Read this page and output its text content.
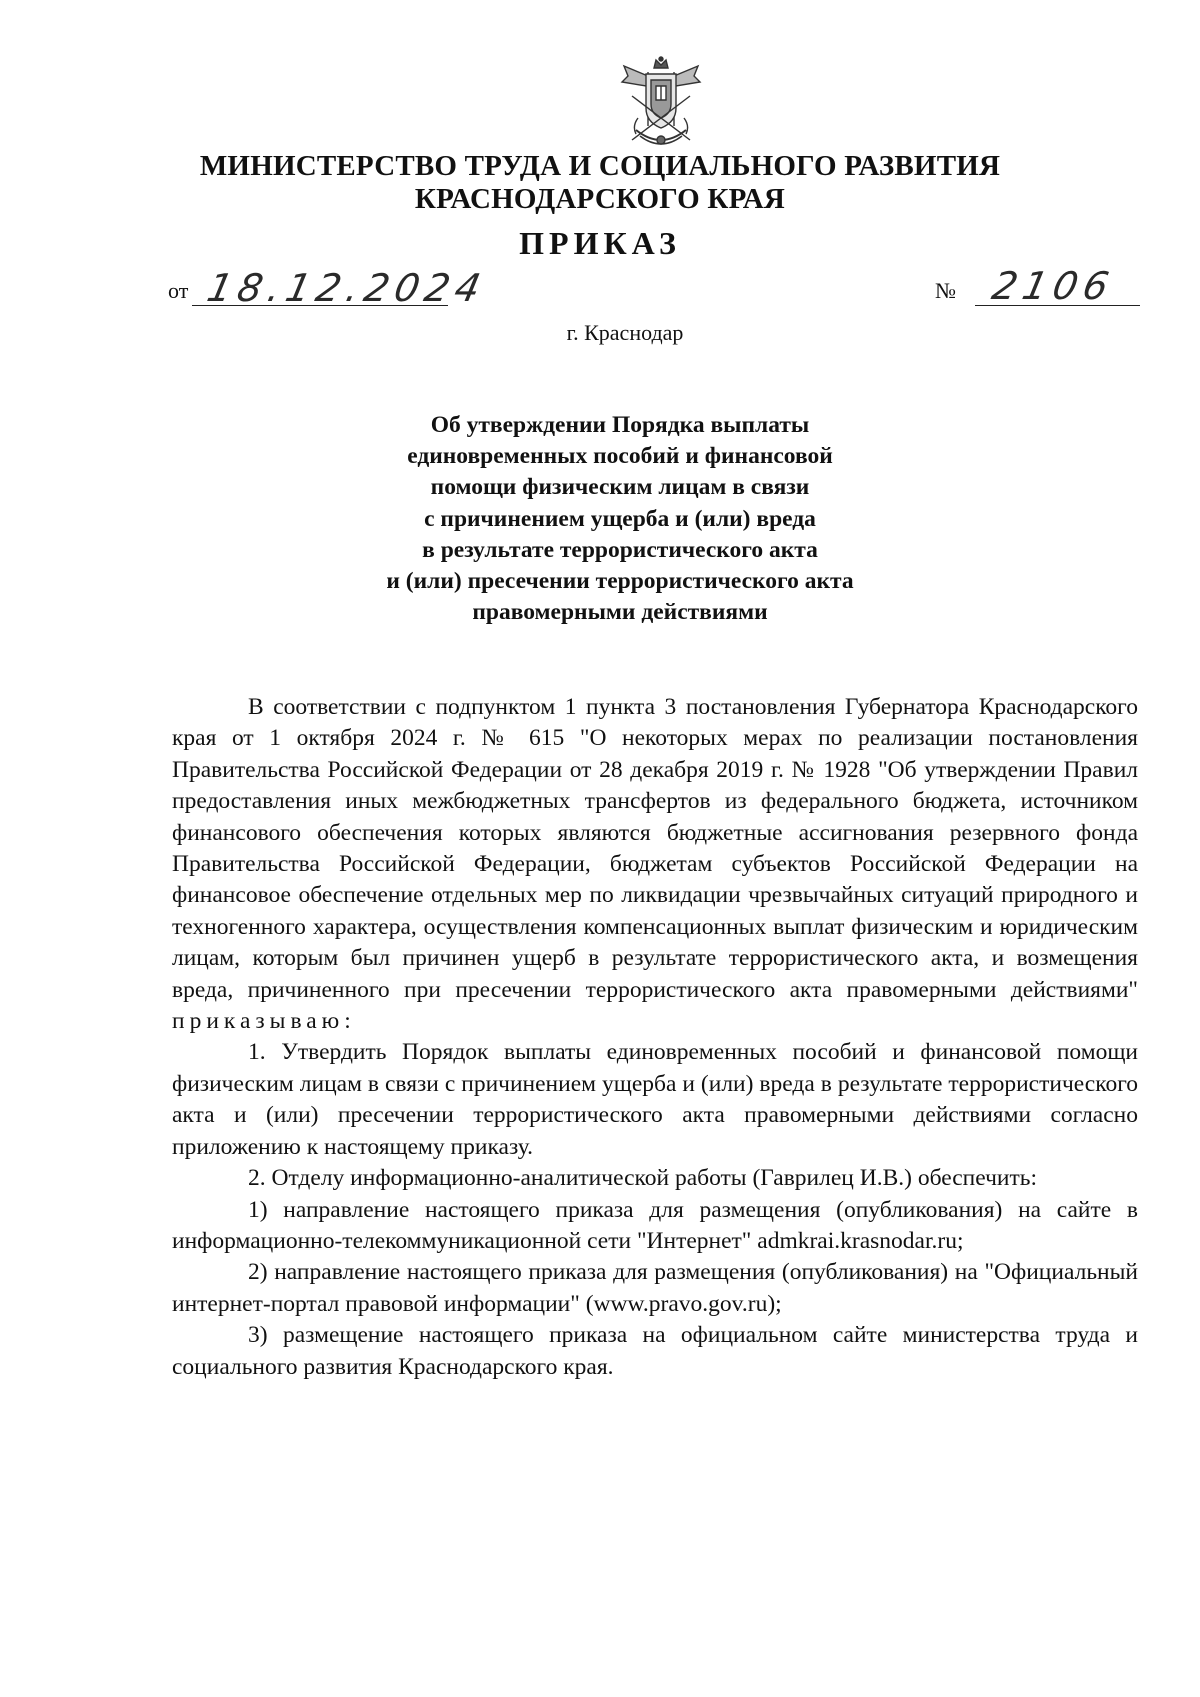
МИНИСТЕРСТВО ТРУДА И СОЦИАЛЬНОГО РАЗВИТИЯ
КРАСНОДАРСКОГО КРАЯ
ПРИКАЗ
от 18.12.2024	№ 2106
г. Краснодар
Об утверждении Порядка выплаты
единовременных пособий и финансовой
помощи физическим лицам в связи
с причинением ущерба и (или) вреда
в результате террористического акта
и (или) пресечении террористического акта
правомерными действиями

В соответствии с подпунктом 1 пункта 3 постановления Губернатора Краснодарского края от 1 октября 2024 г. № 615 "О некоторых мерах по реализации постановления Правительства Российской Федерации от 28 декабря 2019 г. № 1928 "Об утверждении Правил предоставления иных межбюджетных трансфертов из федерального бюджета, источником финансового обеспечения которых являются бюджетные ассигнования резервного фонда Правительства Российской Федерации, бюджетам субъектов Российской Федерации на финансовое обеспечение отдельных мер по ликвидации чрезвычайных ситуаций природного и техногенного характера, осуществления компенсационных выплат физическим и юридическим лицам, которым был причинен ущерб в результате террористического акта, и возмещения вреда, причиненного при пресечении террористического акта правомерными действиями" приказываю:

1. Утвердить Порядок выплаты единовременных пособий и финансовой помощи физическим лицам в связи с причинением ущерба и (или) вреда в результате террористического акта и (или) пресечении террористического акта правомерными действиями согласно приложению к настоящему приказу.

2. Отделу информационно-аналитической работы (Гаврилец И.В.) обеспечить:

1) направление настоящего приказа для размещения (опубликования) на сайте в информационно-телекоммуникационной сети "Интернет" admkrai.krasnodar.ru;

2) направление настоящего приказа для размещения (опубликования) на "Официальный интернет-портал правовой информации" (www.pravo.gov.ru);

3) размещение настоящего приказа на официальном сайте министерства труда и социального развития Краснодарского края.
